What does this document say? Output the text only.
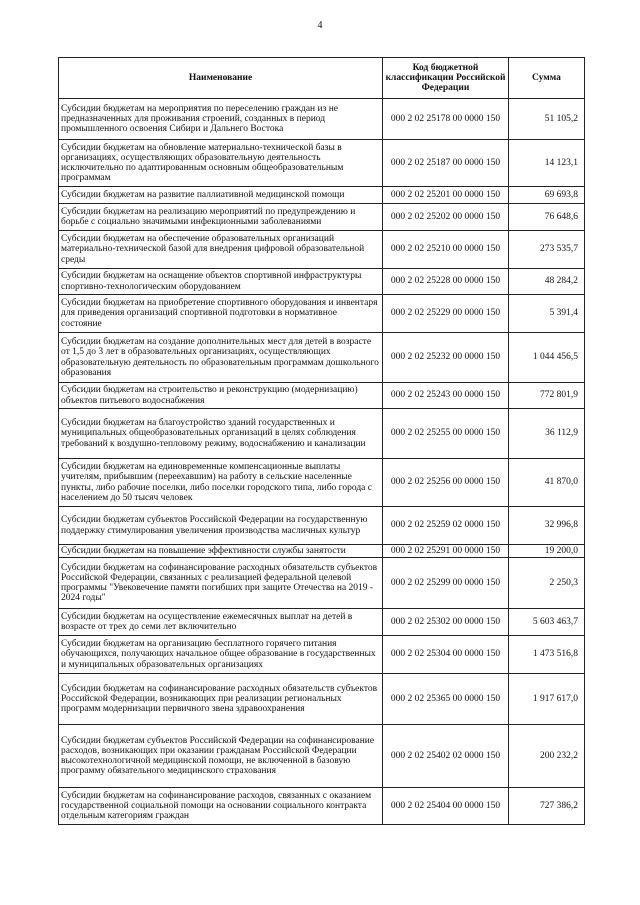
4
Наименование	Код бюджетной классификации Российской Федерации	Сумма
Субсидии бюджетам на мероприятия по переселению граждан из не предназначенных для проживания строений, созданных в период промышленного освоения Сибири и Дальнего Востока	000 2 02 25178 00 0000 150	51 105,2
Субсидии бюджетам на обновление материально-технической базы в организациях, осуществляющих образовательную деятельность исключительно по адаптированным основным общеобразовательным программам	000 2 02 25187 00 0000 150	14 123,1
Субсидии бюджетам на развитие паллиативной медицинской помощи	000 2 02 25201 00 0000 150	69 693,8
Субсидии бюджетам на реализацию мероприятий по предупреждению и борьбе с социально значимыми инфекционными заболеваниями	000 2 02 25202 00 0000 150	76 648,6
Субсидии бюджетам на обеспечение образовательных организаций материально-технической базой для внедрения цифровой образовательной среды	000 2 02 25210 00 0000 150	273 535,7
Субсидии бюджетам на оснащение объектов спортивной инфраструктуры спортивно-технологическим оборудованием	000 2 02 25228 00 0000 150	48 284,2
Субсидии бюджетам на приобретение спортивного оборудования и инвентаря для приведения организаций спортивной подготовки в нормативное состояние	000 2 02 25229 00 0000 150	5 391,4
Субсидии бюджетам на создание дополнительных мест для детей в возрасте от 1,5 до 3 лет в образовательных организациях, осуществляющих образовательную деятельность по образовательным программам дошкольного образования	000 2 02 25232 00 0000 150	1 044 456,5
Субсидии бюджетам на строительство и реконструкцию (модернизацию) объектов питьевого водоснабжения	000 2 02 25243 00 0000 150	772 801,9
Субсидии бюджетам на благоустройство зданий государственных и муниципальных общеобразовательных организаций в целях соблюдения требований к воздушно-тепловому режиму, водоснабжению и канализации	000 2 02 25255 00 0000 150	36 112,9
Субсидии бюджетам на единовременные компенсационные выплаты учителям, прибывшим (переехавшим) на работу в сельские населенные пункты, либо рабочие поселки, либо поселки городского типа, либо города с населением до 50 тысяч человек	000 2 02 25256 00 0000 150	41 870,0
Субсидии бюджетам субъектов Российской Федерации на государственную поддержку стимулирования увеличения производства масличных культур	000 2 02 25259 02 0000 150	32 996,8
Субсидии бюджетам на повышение эффективности службы занятости	000 2 02 25291 00 0000 150	19 200,0
Субсидии бюджетам на софинансирование расходных обязательств субъектов Российской Федерации, связанных с реализацией федеральной целевой программы "Увековечение памяти погибших при защите Отечества на 2019 - 2024 годы"	000 2 02 25299 00 0000 150	2 250,3
Субсидии бюджетам на осуществление ежемесячных выплат на детей в возрасте от трех до семи лет включительно	000 2 02 25302 00 0000 150	5 603 463,7
Субсидии бюджетам на организацию бесплатного горячего питания обучающихся, получающих начальное общее образование в государственных и муниципальных образовательных организациях	000 2 02 25304 00 0000 150	1 473 516,8
Субсидии бюджетам на софинансирование расходных обязательств субъектов Российской Федерации, возникающих при реализации региональных программ модернизации первичного звена здравоохранения	000 2 02 25365 00 0000 150	1 917 617,0
Субсидии бюджетам субъектов Российской Федерации на софинансирование расходов, возникающих при оказании гражданам Российской Федерации высокотехнологичной медицинской помощи, не включенной в базовую программу обязательного медицинского страхования	000 2 02 25402 02 0000 150	200 232,2
Субсидии бюджетам на софинансирование расходов, связанных с оказанием государственной социальной помощи на основании социального контракта отдельным категориям граждан	000 2 02 25404 00 0000 150	727 386,2
